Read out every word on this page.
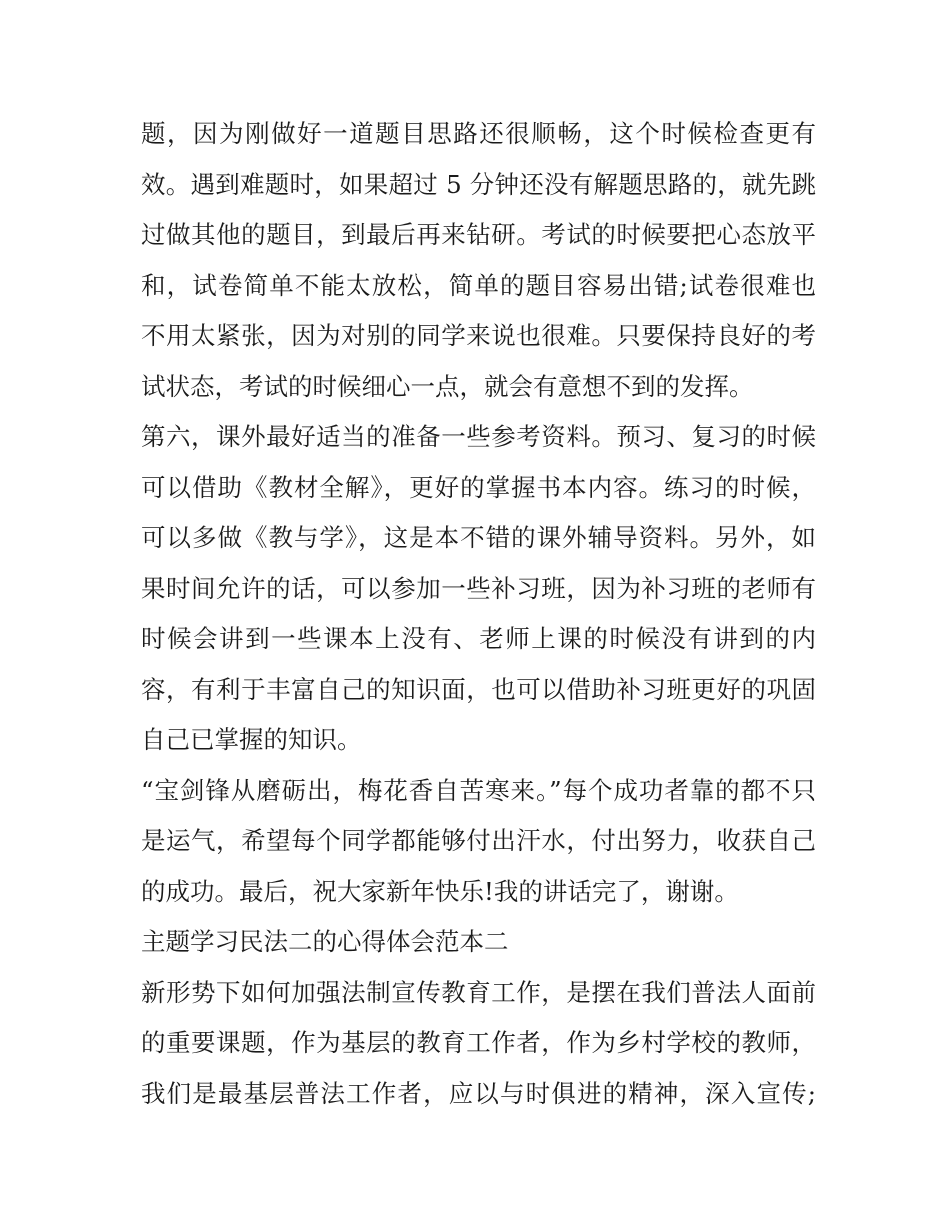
题，因为刚做好一道题目思路还很顺畅，这个时候检查更有
效。遇到难题时，如果超过 5 分钟还没有解题思路的，就先跳
过做其他的题目，到最后再来钻研。考试的时候要把心态放平
和，试卷简单不能太放松，简单的题目容易出错;试卷很难也
不用太紧张，因为对别的同学来说也很难。只要保持良好的考
试状态，考试的时候细心一点，就会有意想不到的发挥。
第六，课外最好适当的准备一些参考资料。预习、复习的时候
可以借助《教材全解》，更好的掌握书本内容。练习的时候，
可以多做《教与学》，这是本不错的课外辅导资料。另外，如
果时间允许的话，可以参加一些补习班，因为补习班的老师有
时候会讲到一些课本上没有、老师上课的时候没有讲到的内
容，有利于丰富自己的知识面，也可以借助补习班更好的巩固
自己已掌握的知识。
“宝剑锋从磨砺出，梅花香自苦寒来。”每个成功者靠的都不只
是运气，希望每个同学都能够付出汗水，付出努力，收获自己
的成功。最后，祝大家新年快乐!我的讲话完了，谢谢。
主题学习民法二的心得体会范本二
新形势下如何加强法制宣传教育工作，是摆在我们普法人面前
的重要课题，作为基层的教育工作者，作为乡村学校的教师，
我们是最基层普法工作者，应以与时俱进的精神，深入宣传;
